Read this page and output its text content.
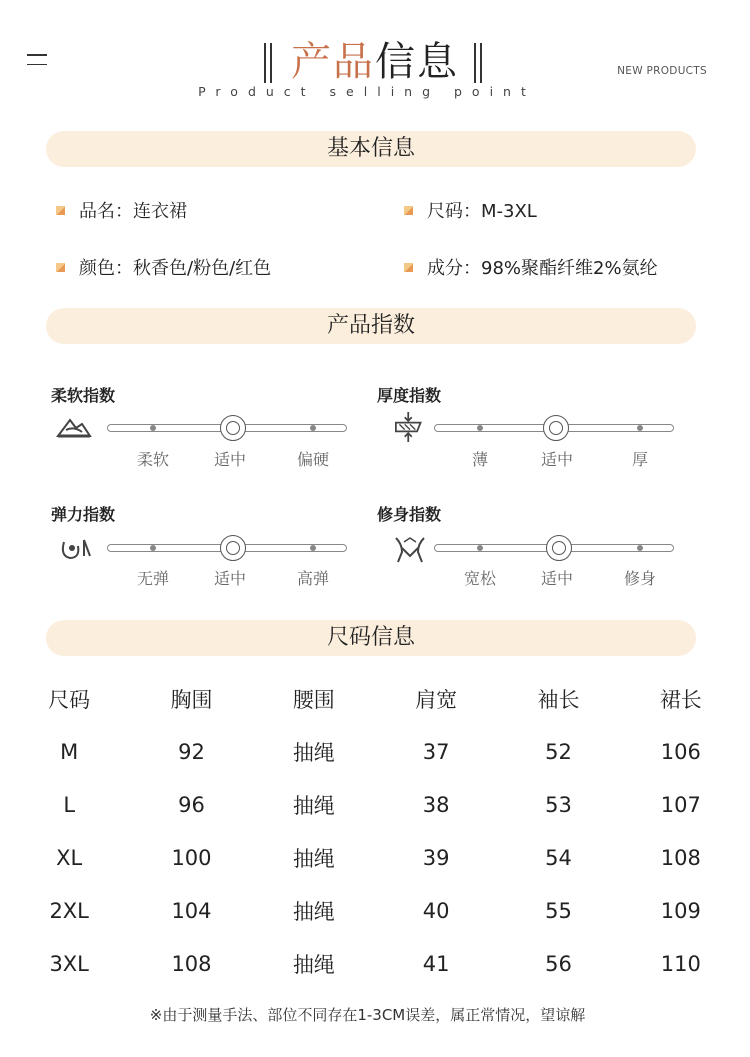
产品信息
Product selling point
NEW PRODUCTS
基本信息
品名：连衣裙	尺码：M-3XL
颜色：秋香色/粉色/红色	成分：98%聚酯纤维2%氨纶
产品指数
柔软指数
柔软	适中	偏硬
厚度指数
薄	适中	厚
弹力指数
无弹	适中	高弹
修身指数
宽松	适中	修身
尺码信息
尺码	胸围	腰围	肩宽	袖长	裙长
M	92	抽绳	37	52	106
L	96	抽绳	38	53	107
XL	100	抽绳	39	54	108
2XL	104	抽绳	40	55	109
3XL	108	抽绳	41	56	110
※由于测量手法、部位不同存在1-3CM误差，属正常情况，望谅解
